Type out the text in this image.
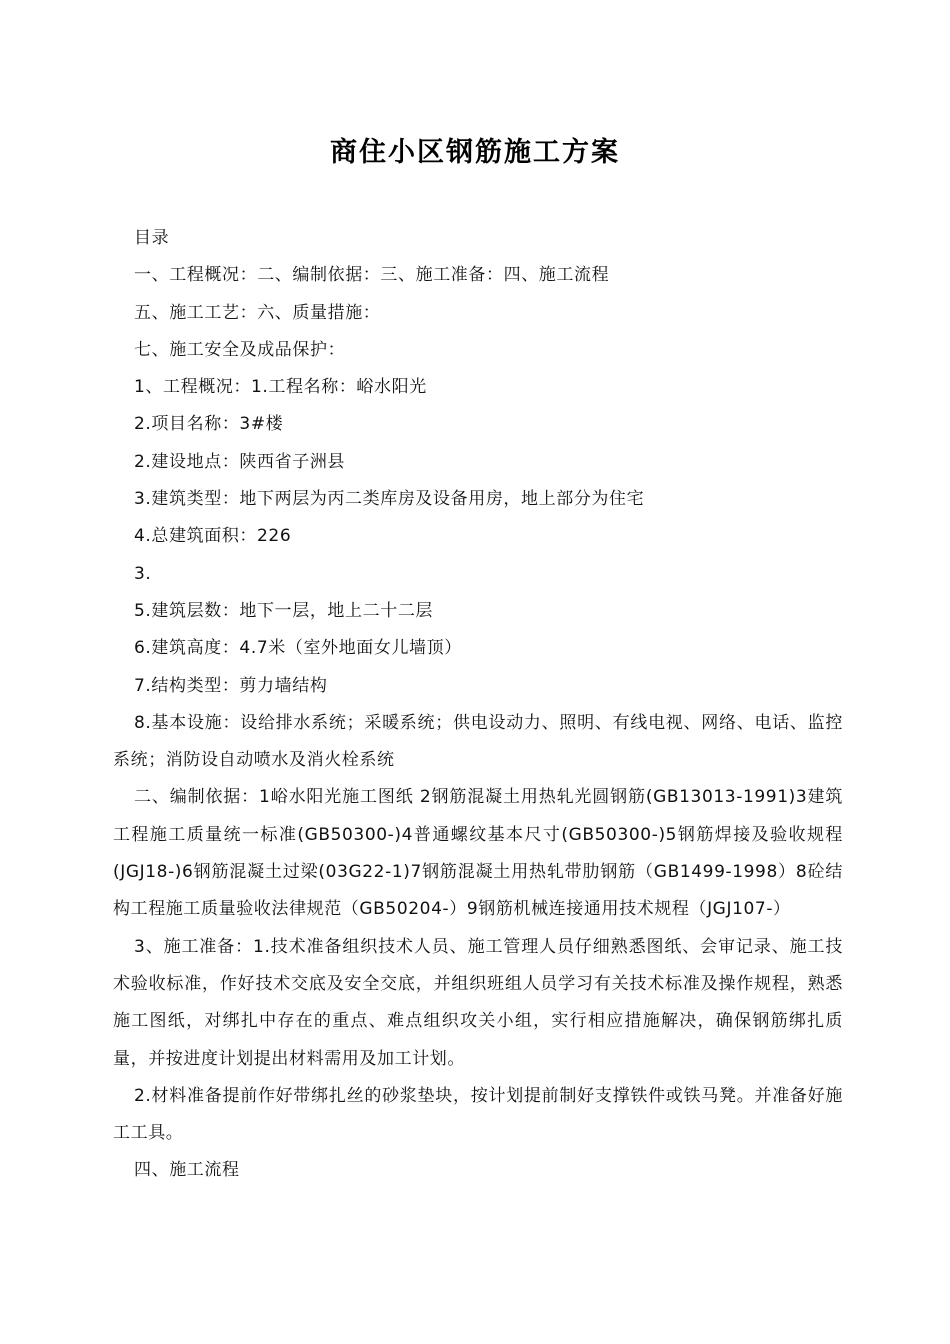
商住小区钢筋施工方案
目录
一、工程概况：二、编制依据：三、施工准备：四、施工流程
五、施工工艺：六、质量措施：
七、施工安全及成品保护：
1、工程概况：1.工程名称：峪水阳光
2.项目名称：3#楼
2.建设地点：陕西省子洲县
3.建筑类型：地下两层为丙二类库房及设备用房，地上部分为住宅
4.总建筑面积：226
3.
5.建筑层数：地下一层，地上二十二层
6.建筑高度：4.7米（室外地面女儿墙顶）
7.结构类型：剪力墙结构
8.基本设施：设给排水系统；采暖系统；供电设动力、照明、有线电视、网络、电话、监控系统；消防设自动喷水及消火栓系统
二、编制依据：1峪水阳光施工图纸 2钢筋混凝土用热轧光圆钢筋(GB13013-1991)3建筑工程施工质量统一标准(GB50300-)4普通螺纹基本尺寸(GB50300-)5钢筋焊接及验收规程(JGJ18-)6钢筋混凝土过梁(03G22-1)7钢筋混凝土用热轧带肋钢筋（GB1499-1998）8砼结构工程施工质量验收法律规范（GB50204-）9钢筋机械连接通用技术规程（JGJ107-）
3、施工准备：1.技术准备组织技术人员、施工管理人员仔细熟悉图纸、会审记录、施工技术验收标准，作好技术交底及安全交底，并组织班组人员学习有关技术标准及操作规程，熟悉施工图纸，对绑扎中存在的重点、难点组织攻关小组，实行相应措施解决，确保钢筋绑扎质量，并按进度计划提出材料需用及加工计划。
2.材料准备提前作好带绑扎丝的砂浆垫块，按计划提前制好支撑铁件或铁马凳。并准备好施工工具。
四、施工流程
